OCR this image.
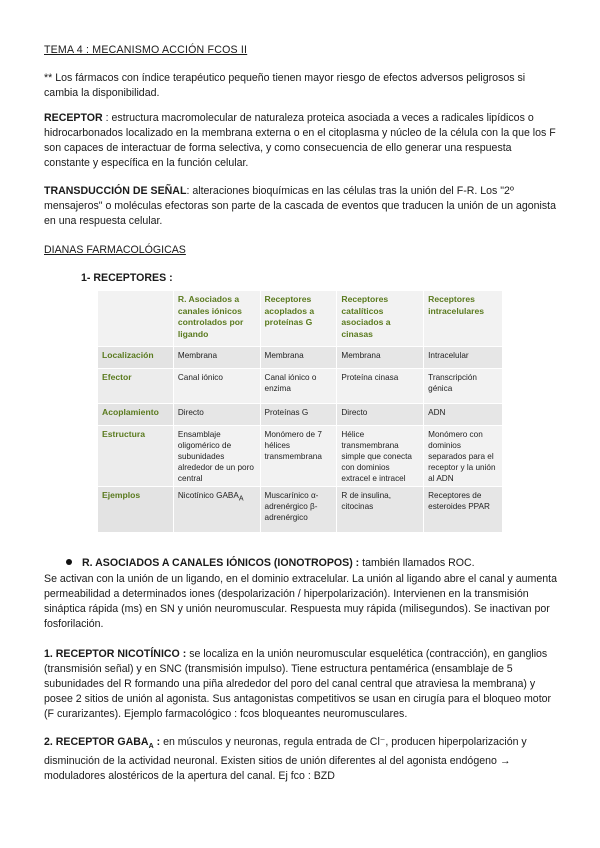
TEMA 4 : MECANISMO ACCIÓN FCOS II

** Los fármacos con índice terapéutico pequeño tienen mayor riesgo de efectos adversos peligrosos si cambia la disponibilidad.

RECEPTOR : estructura macromolecular de naturaleza proteica asociada a veces a radicales lipídicos o hidrocarbonados localizado en la membrana externa o en el citoplasma y núcleo de la célula con la que los F son capaces de interactuar de forma selectiva, y como consecuencia de ello generar una respuesta constante y específica en la función celular.

TRANSDUCCIÓN DE SEÑAL: alteraciones bioquímicas en las células tras la unión del F-R. Los "2º mensajeros" o moléculas efectoras son parte de la cascada de eventos que traducen la unión de un agonista en una respuesta celular.

DIANAS FARMACOLÓGICAS

1- RECEPTORES :
	R. Asociados a canales iónicos controlados por ligando	Receptores acoplados a proteínas G	Receptores catalíticos asociados a cinasas	Receptores intracelulares
Localización	Membrana	Membrana	Membrana	Intracelular
Efector	Canal iónico	Canal iónico o enzima	Proteína cinasa	Transcripción génica
Acoplamiento	Directo	Proteínas G	Directo	ADN
Estructura	Ensamblaje oligomérico de subunidades alrededor de un poro central	Monómero de 7 hélices transmembrana	Hélice transmembrana simple que conecta con dominios extracel e intracel	Monómero con dominios separados para el receptor y la unión al ADN
Ejemplos	Nicotínico $GABA_A$	Muscarínico α-adrenérgico β-adrenérgico	R de insulina, citocinas	Receptores de esteroides PPAR
R. ASOCIADOS A CANALES IÓNICOS (IONOTROPOS) : también llamados ROC.

Se activan con la unión de un ligando, en el dominio extracelular. La unión al ligando abre el canal y aumenta permeabilidad a determinados iones (despolarización / hiperpolarización). Intervienen en la transmisión sináptica rápida (ms) en SN y unión neuromuscular. Respuesta muy rápida (milisegundos). Se inactivan por fosforilación.

1. RECEPTOR NICOTÍNICO : se localiza en la unión neuromuscular esquelética (contracción), en ganglios (transmisión señal) y en SNC (transmisión impulso). Tiene estructura pentamérica (ensamblaje de 5 subunidades del R formando una piña alrededor del poro del canal central que atraviesa la membrana) y posee 2 sitios de unión al agonista. Sus antagonistas competitivos se usan en cirugía para el bloqueo motor (F curarizantes). Ejemplo farmacológico : fcos bloqueantes neuromusculares.

2. RECEPTOR $GABA_A$ : en músculos y neuronas, regula entrada de Cl⁻, producen hiperpolarización y disminución de la actividad neuronal. Existen sitios de unión diferentes al del agonista endógeno → moduladores alostéricos de la apertura del canal. Ej fco : BZD
